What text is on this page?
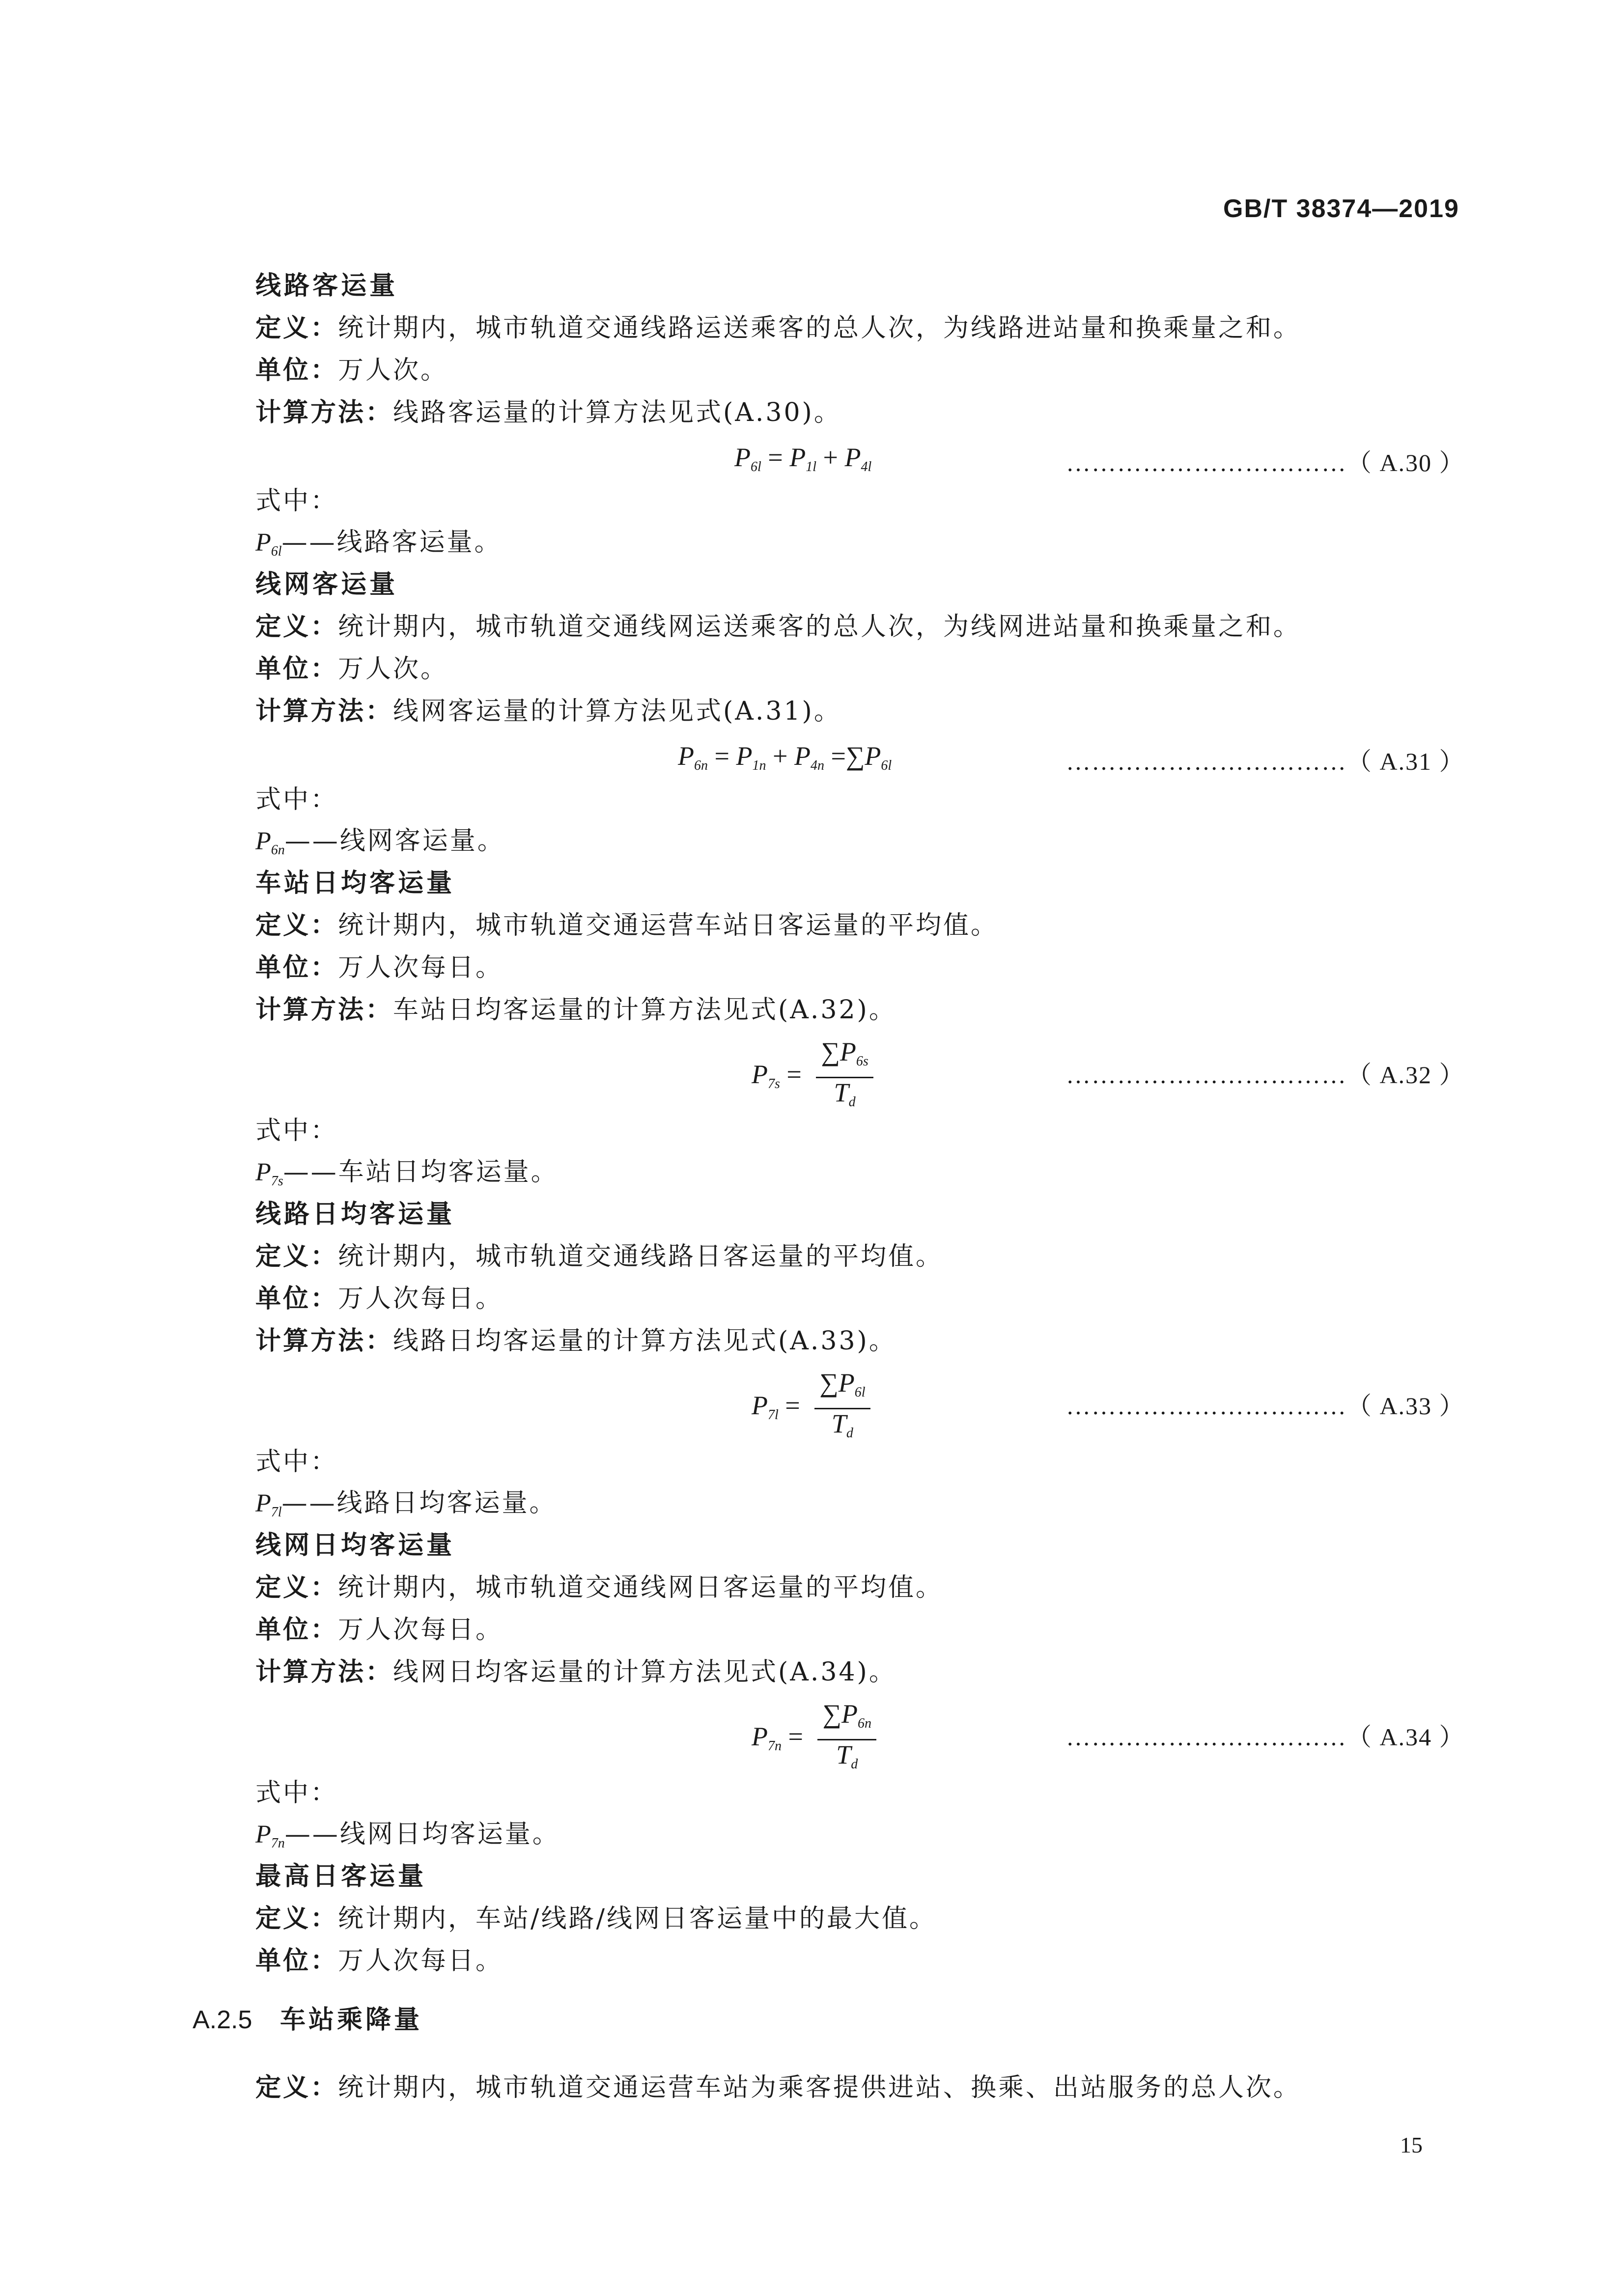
GB/T 38374—2019
线路客运量
定义：统计期内，城市轨道交通线路运送乘客的总人次，为线路进站量和换乘量之和。
单位：万人次。
计算方法：线路客运量的计算方法见式(A.30)。
$P_{6l} = P_{1l} + P_{4l}$	……………………………（ A.30 ）
式中：
$P_{6l}——$线路客运量。
线网客运量
定义：统计期内，城市轨道交通线网运送乘客的总人次，为线网进站量和换乘量之和。
单位：万人次。
计算方法：线网客运量的计算方法见式(A.31)。
$P_{6n} = P_{1n} + P_{4n} =\sum P_{6l}$	……………………………（ A.31 ）
式中：
$P_{6n}——$线网客运量。
车站日均客运量
定义：统计期内，城市轨道交通运营车站日客运量的平均值。
单位：万人次每日。
计算方法：车站日均客运量的计算方法见式(A.32)。
$P_{7s} = \frac{\sum P_{6s}}{T_d}$	……………………………（ A.32 ）
式中：
$P_{7s}——$车站日均客运量。
线路日均客运量
定义：统计期内，城市轨道交通线路日客运量的平均值。
单位：万人次每日。
计算方法：线路日均客运量的计算方法见式(A.33)。
$P_{7l} = \frac{\sum P_{6l}}{T_d}$	……………………………（ A.33 ）
式中：
$P_{7l}——$线路日均客运量。
线网日均客运量
定义：统计期内，城市轨道交通线网日客运量的平均值。
单位：万人次每日。
计算方法：线网日均客运量的计算方法见式(A.34)。
$P_{7n} = \frac{\sum P_{6n}}{T_d}$	……………………………（ A.34 ）
式中：
$P_{7n}——$线网日均客运量。
最高日客运量
定义：统计期内，车站/线路/线网日客运量中的最大值。
单位：万人次每日。
A.2.5 车站乘降量
定义：统计期内，城市轨道交通运营车站为乘客提供进站、换乘、出站服务的总人次。
15
